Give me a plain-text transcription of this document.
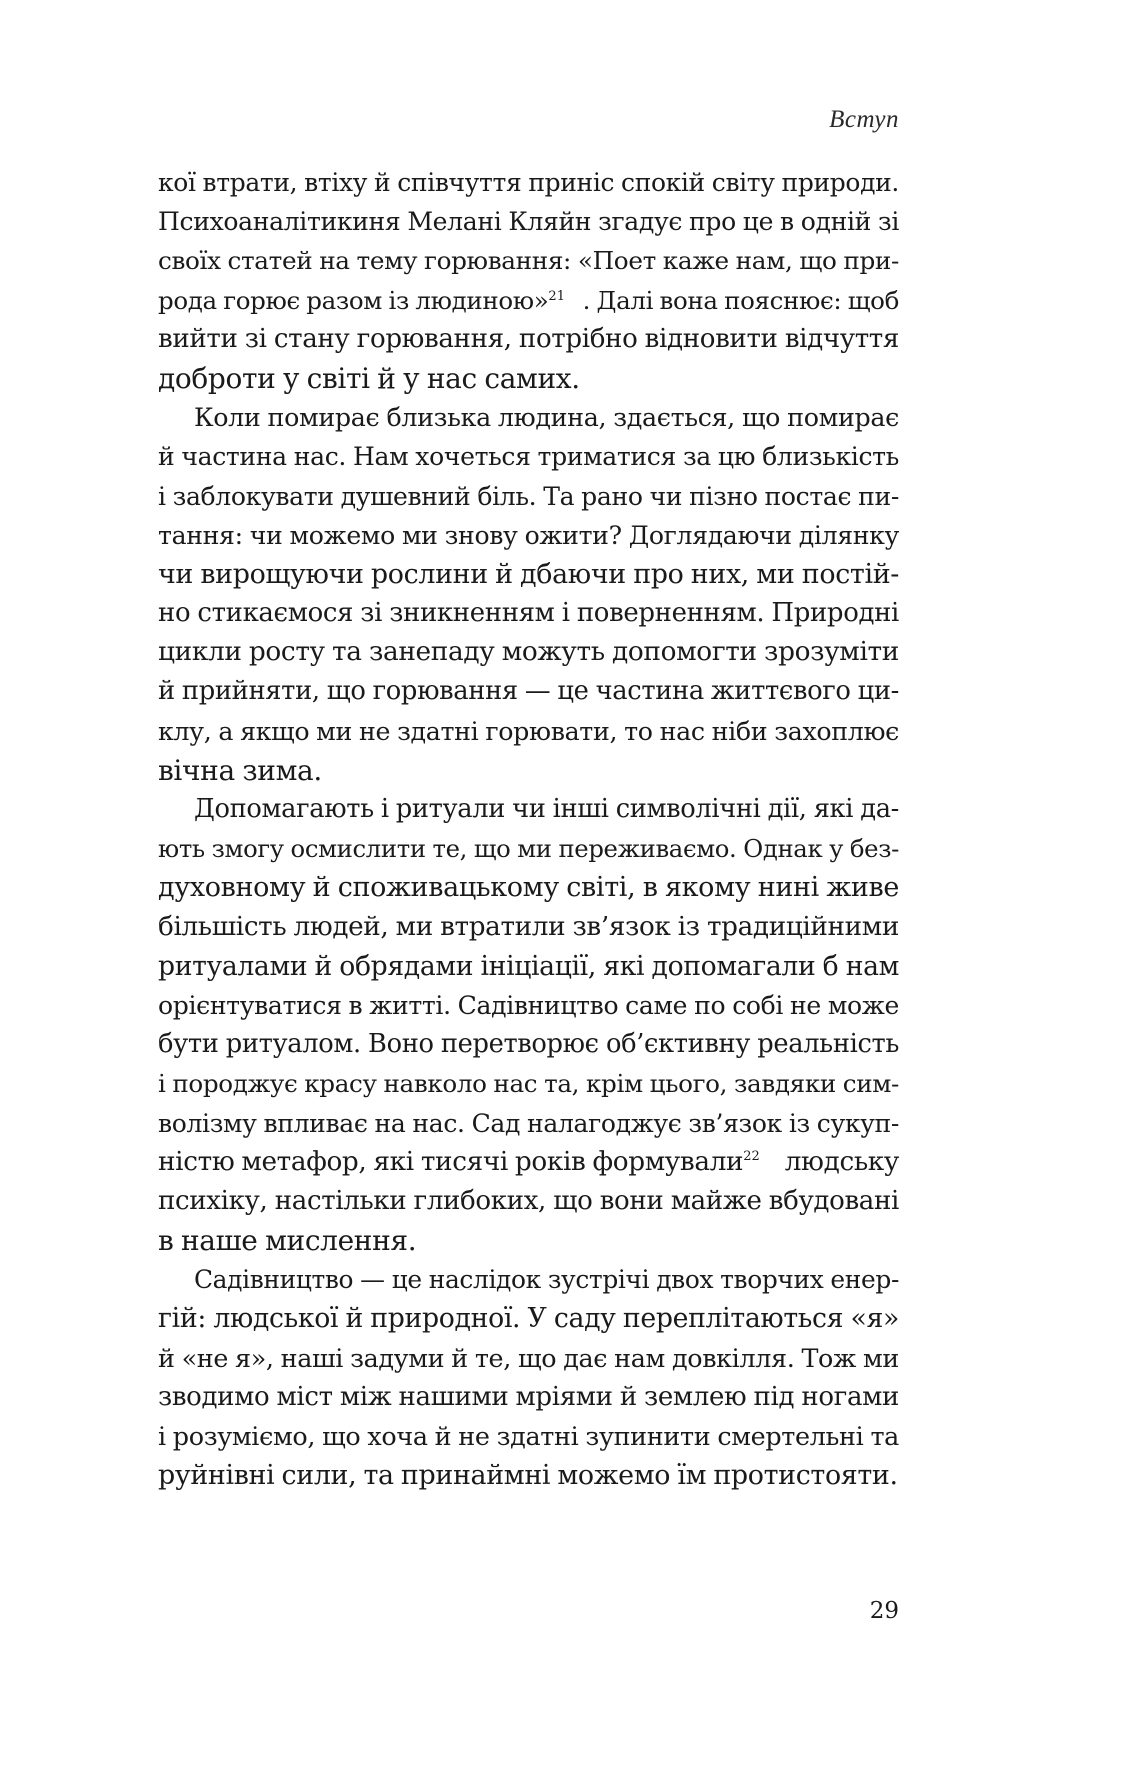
Вступ
кої втрати, втіху й співчуття приніс спокій світу природи.
Психоаналітикиня Мелані Кляйн згадує про це в одній зі
своїх статей на тему горювання: «Поет каже нам, що при-
рода горює разом із людиною»$^{21}$ . Далі вона пояснює: щоб
вийти зі стану горювання, потрібно відновити відчуття
доброти у світі й у нас самих.
Коли помирає близька людина, здається, що помирає
й частина нас. Нам хочеться триматися за цю близькість
і заблокувати душевний біль. Та рано чи пізно постає пи-
тання: чи можемо ми знову ожити? Доглядаючи ділянку
чи вирощуючи рослини й дбаючи про них, ми постій-
но стикаємося зі зникненням і поверненням. Природні
цикли росту та занепаду можуть допомогти зрозуміти
й прийняти, що горювання — це частина життєвого ци-
клу, а якщо ми не здатні горювати, то нас ніби захоплює
вічна зима.
Допомагають і ритуали чи інші символічні дії, які да-
ють змогу осмислити те, що ми переживаємо. Однак у без-
духовному й споживацькому світі, в якому нині живе
більшість людей, ми втратили зв’язок із традиційними
ритуалами й обрядами ініціації, які допомагали б нам
орієнтуватися в житті. Садівництво саме по собі не може
бути ритуалом. Воно перетворює об’єктивну реальність
і породжує красу навколо нас та, крім цього, завдяки сим-
волізму впливає на нас. Сад налагоджує зв’язок із сукуп-
ністю метафор, які тисячі років формували$^{22}$ людську
психіку, настільки глибоких, що вони майже вбудовані
в наше мислення.
Садівництво — це наслідок зустрічі двох творчих енер-
гій: людської й природної. У саду переплітаються «я»
й «не я», наші задуми й те, що дає нам довкілля. Тож ми
зводимо міст між нашими мріями й землею під ногами
і розуміємо, що хоча й не здатні зупинити смертельні та
руйнівні сили, та принаймні можемо їм протистояти.
29
